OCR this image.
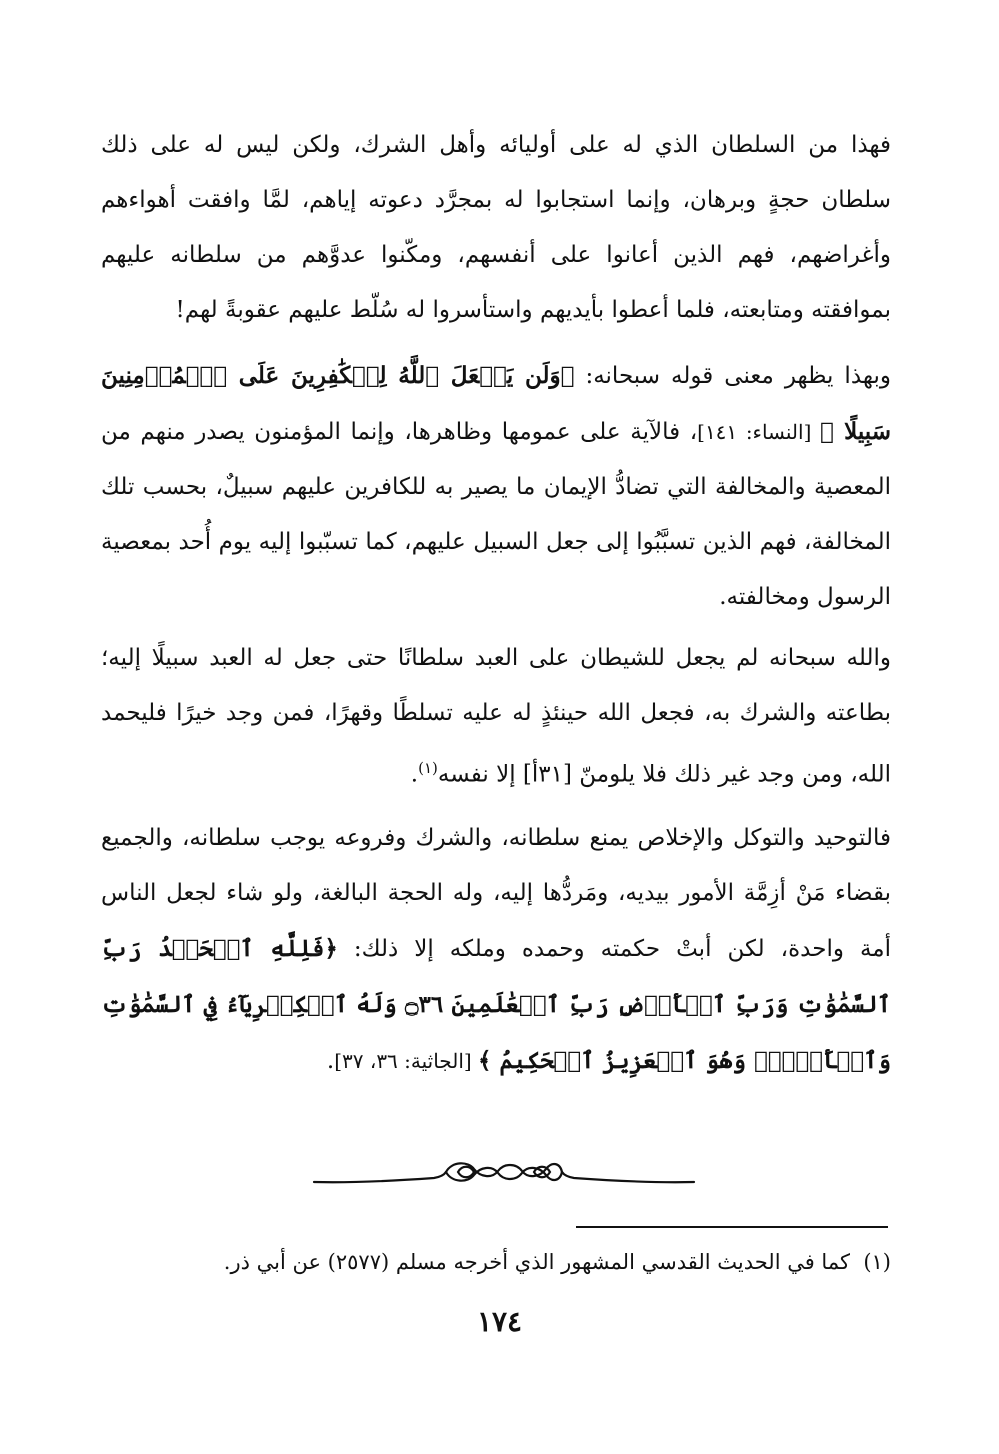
فهذا من السلطان الذي له على أوليائه وأهل الشرك، ولكن ليس له على ذلك سلطان حجةٍ وبرهان، وإنما استجابوا له بمجرَّد دعوته إياهم، لمَّا وافقت أهواءهم وأغراضهم، فهم الذين أعانوا على أنفسهم، ومكّنوا عدوَّهم من سلطانه عليهم بموافقته ومتابعته، فلما أعطوا بأيديهم واستأسروا له سُلّط عليهم عقوبةً لهم!

وبهذا يظهر معنى قوله سبحانه: ﴿وَلَن يَجۡعَلَ ٱللَّهُ لِلۡكَٰفِرِينَ عَلَى ٱلۡمُؤۡمِنِينَ سَبِيلًا ﴾ [النساء: ١٤١]، فالآية على عمومها وظاهرها، وإنما المؤمنون يصدر منهم من المعصية والمخالفة التي تضادُّ الإيمان ما يصير به للكافرين عليهم سبيلٌ، بحسب تلك المخالفة، فهم الذين تسبَّبُوا إلى جعل السبيل عليهم، كما تسبّبوا إليه يوم أُحد بمعصية الرسول ومخالفته.

والله سبحانه لم يجعل للشيطان على العبد سلطانًا حتى جعل له العبد سبيلًا إليه؛ بطاعته والشرك به، فجعل الله حينئذٍ له عليه تسلطًا وقهرًا، فمن وجد خيرًا فليحمد الله، ومن وجد غير ذلك فلا يلومنّ [٣١أ] إلا نفسه$^{(١)}$.

فالتوحيد والتوكل والإخلاص يمنع سلطانه، والشرك وفروعه يوجب سلطانه، والجميع بقضاء مَنْ أزِمَّة الأمور بيديه، ومَردُّها إليه، وله الحجة البالغة، ولو شاء لجعل الناس أمة واحدة، لكن أبتْ حكمته وحمده وملكه إلا ذلك: ﴿فَلِلَّهِ ٱلۡحَمۡدُ رَبِّ ٱلسَّمَٰوَٰتِ وَرَبِّ ٱلۡأَرۡضِ رَبِّ ٱلۡعَٰلَمِينَ ۝٣٦ وَلَهُ ٱلۡكِبۡرِيَآءُ فِي ٱلسَّمَٰوَٰتِ وَٱلۡأَرۡضِۖ وَهُوَ ٱلۡعَزِيزُ ٱلۡحَكِيمُ ﴾ [الجاثية: ٣٦، ٣٧].

(١)  كما في الحديث القدسي المشهور الذي أخرجه مسلم (٢٥٧٧) عن أبي ذر.
١٧٤
